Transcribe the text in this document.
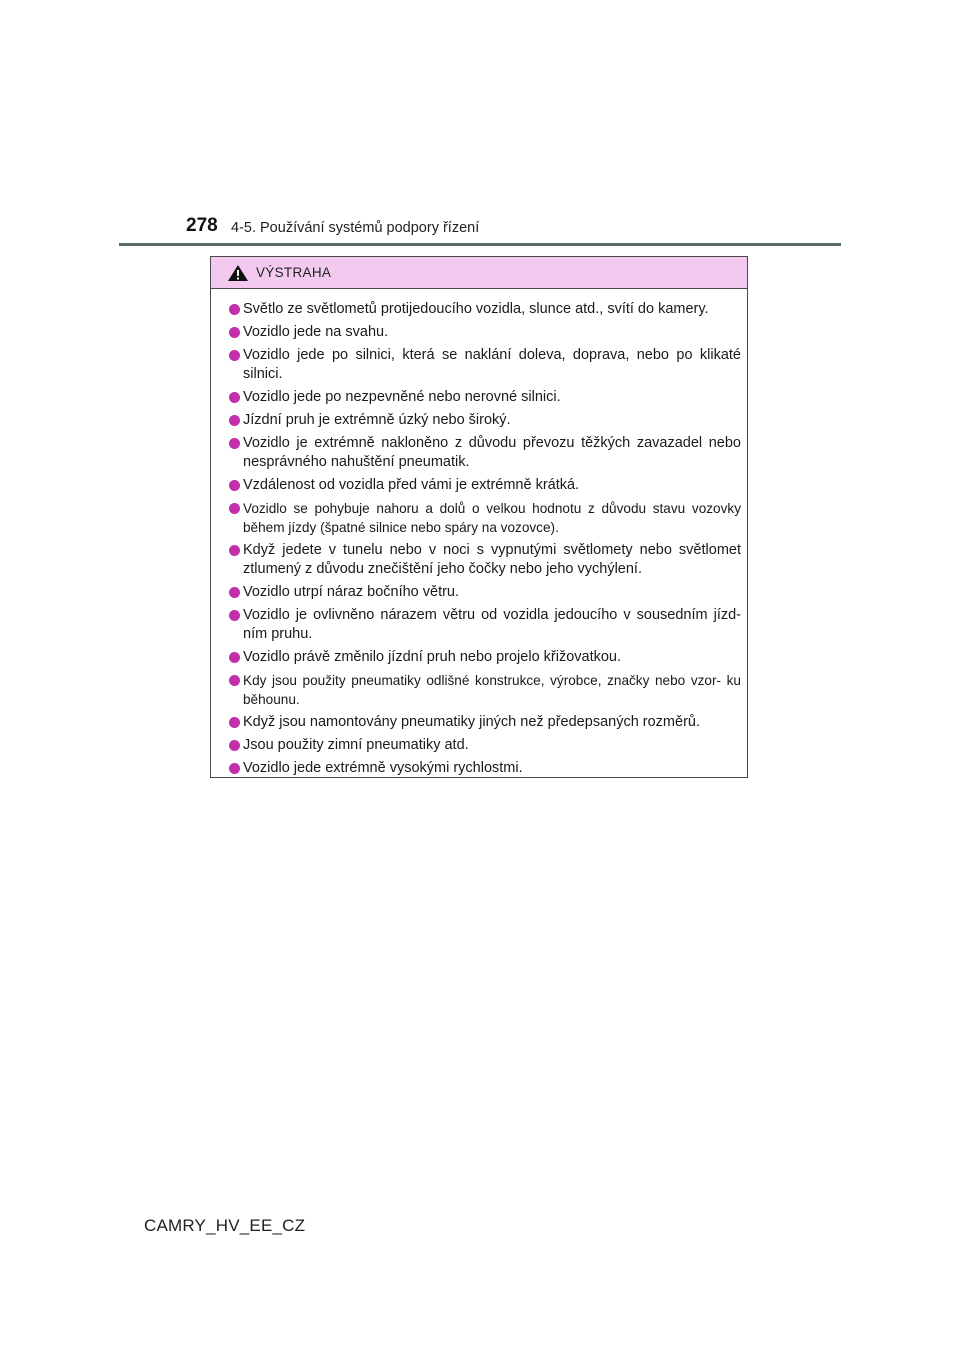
278 4-5. Používání systémů podpory řízení
VÝSTRAHA
Světlo ze světlometů protijedoucího vozidla, slunce atd., svítí do kamery.
Vozidlo jede na svahu.
Vozidlo jede po silnici, která se naklání doleva, doprava, nebo po klikaté silnici.
Vozidlo jede po nezpevněné nebo nerovné silnici.
Jízdní pruh je extrémně úzký nebo široký.
Vozidlo je extrémně nakloněno z důvodu převozu těžkých zavazadel nebo nesprávného nahuštění pneumatik.
Vzdálenost od vozidla před vámi je extrémně krátká.
Vozidlo se pohybuje nahoru a dolů o velkou hodnotu z důvodu stavu vozovky během jízdy (špatné silnice nebo spáry na vozovce).
Když jedete v tunelu nebo v noci s vypnutými světlomety nebo světlomet ztlumený z důvodu znečištění jeho čočky nebo jeho vychýlení.
Vozidlo utrpí náraz bočního větru.
Vozidlo je ovlivněno nárazem větru od vozidla jedoucího v sousedním jízd- ním pruhu.
Vozidlo právě změnilo jízdní pruh nebo projelo křižovatkou.
Kdy jsou použity pneumatiky odlišné konstrukce, výrobce, značky nebo vzor- ku běhounu.
Když jsou namontovány pneumatiky jiných než předepsaných rozměrů.
Jsou použity zimní pneumatiky atd.
Vozidlo jede extrémně vysokými rychlostmi.
CAMRY_HV_EE_CZ
